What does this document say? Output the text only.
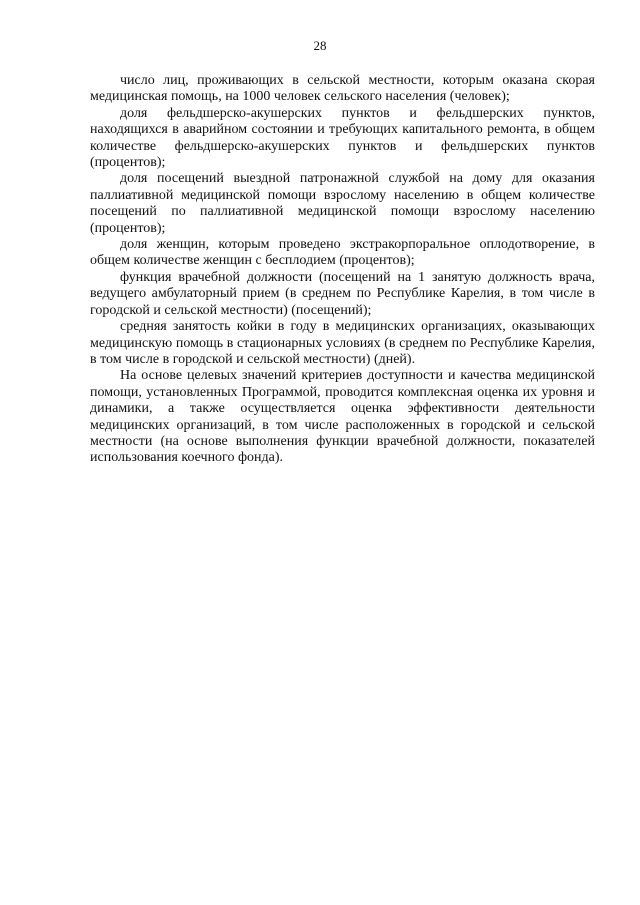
28

число лиц, проживающих в сельской местности, которым оказана скорая медицинская помощь, на 1000 человек сельского населения (человек);

доля фельдшерско-акушерских пунктов и фельдшерских пунктов, находящихся в аварийном состоянии и требующих капитального ремонта, в общем количестве фельдшерско-акушерских пунктов и фельдшерских пунктов (процентов);

доля посещений выездной патронажной службой на дому для оказания паллиативной медицинской помощи взрослому населению в общем количестве посещений по паллиативной медицинской помощи взрослому населению (процентов);

доля женщин, которым проведено экстракорпоральное оплодотворение, в общем количестве женщин с бесплодием (процентов);

функция врачебной должности (посещений на 1 занятую должность врача, ведущего амбулаторный прием (в среднем по Республике Карелия, в том числе в городской и сельской местности) (посещений);

средняя занятость койки в году в медицинских организациях, оказывающих медицинскую помощь в стационарных условиях (в среднем по Республике Карелия, в том числе в городской и сельской местности) (дней).

На основе целевых значений критериев доступности и качества медицинской помощи, установленных Программой, проводится комплексная оценка их уровня и динамики, а также осуществляется оценка эффективности деятельности медицинских организаций, в том числе расположенных в городской и сельской местности (на основе выполнения функции врачебной должности, показателей использования коечного фонда).
